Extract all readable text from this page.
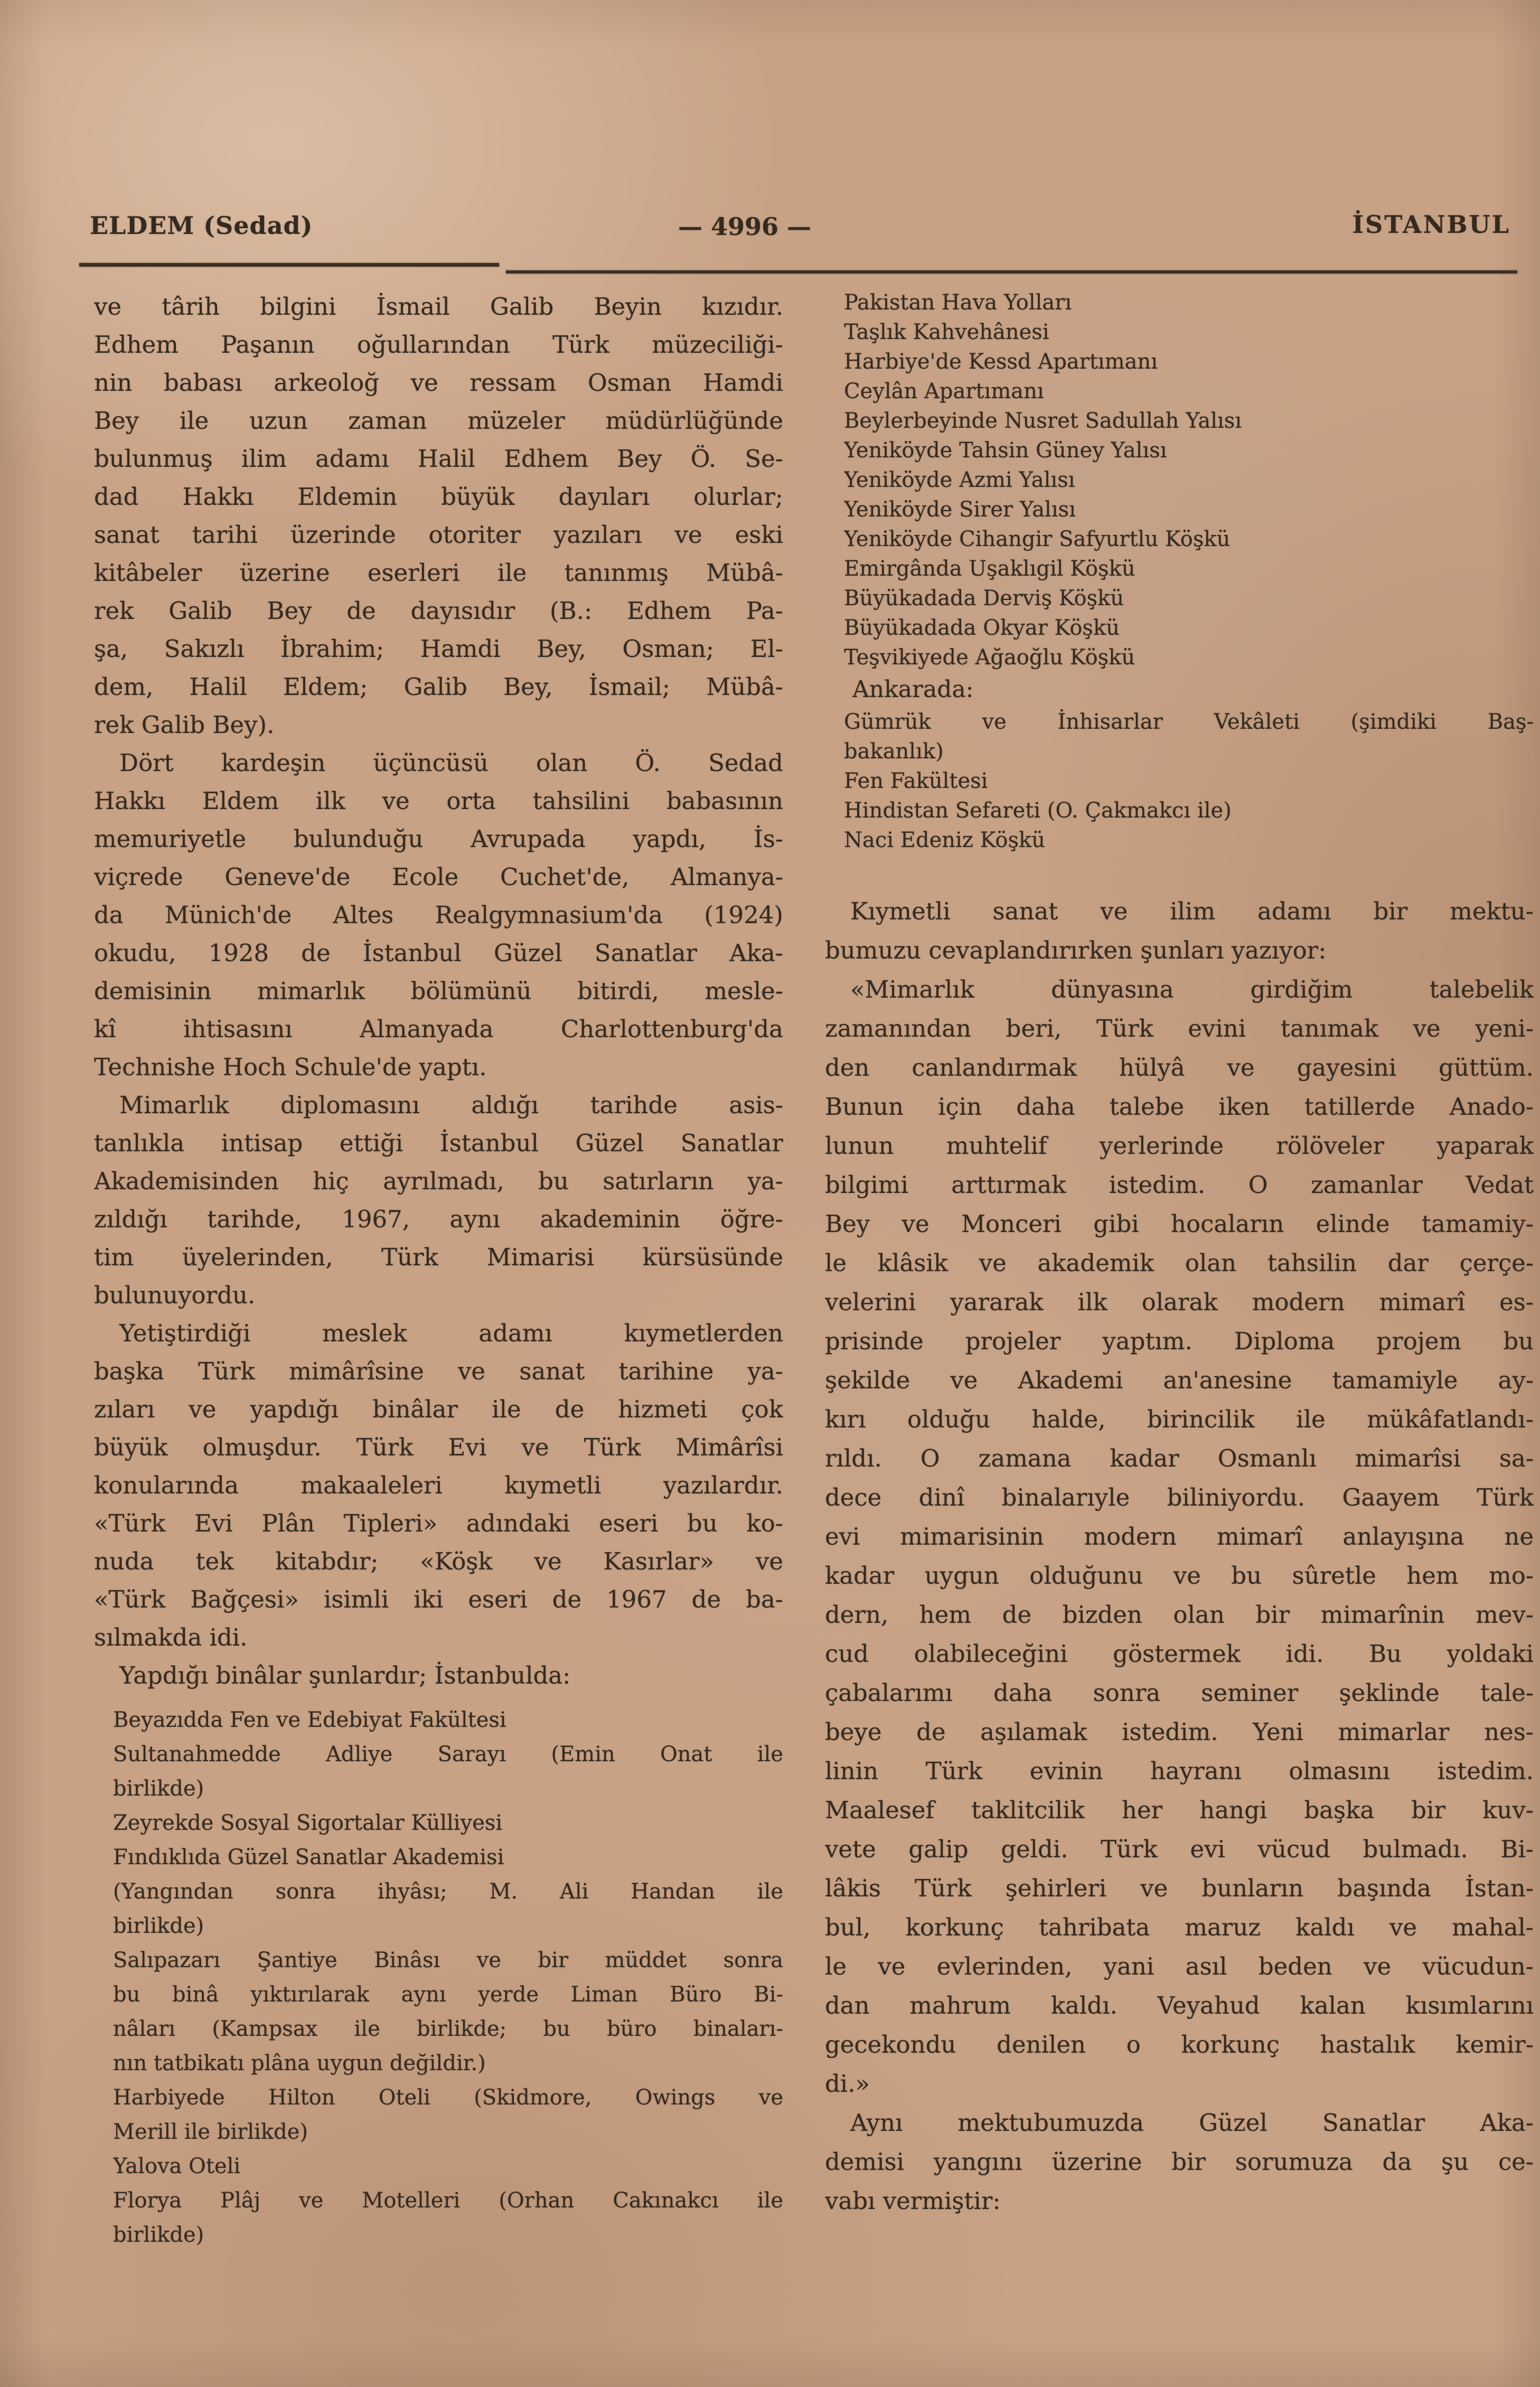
ELDEM (Sedad)	— 4996 —	İSTANBUL
ve târih bilgini İsmail Galib Beyin kızıdır.
Edhem Paşanın oğullarından Türk müzeciliği-
nin babası arkeoloğ ve ressam Osman Hamdi
Bey ile uzun zaman müzeler müdürlüğünde
bulunmuş ilim adamı Halil Edhem Bey Ö. Se-
dad Hakkı Eldemin büyük dayıları olurlar;
sanat tarihi üzerinde otoriter yazıları ve eski
kitâbeler üzerine eserleri ile tanınmış Mübâ-
rek Galib Bey de dayısıdır (B.: Edhem Pa-
şa, Sakızlı İbrahim; Hamdi Bey, Osman; El-
dem, Halil Eldem; Galib Bey, İsmail; Mübâ-
rek Galib Bey).
Dört kardeşin üçüncüsü olan Ö. Sedad
Hakkı Eldem ilk ve orta tahsilini babasının
memuriyetle bulunduğu Avrupada yapdı, İs-
viçrede Geneve'de Ecole Cuchet'de, Almanya-
da Münich'de Altes Realgymnasium'da (1924)
okudu, 1928 de İstanbul Güzel Sanatlar Aka-
demisinin mimarlık bölümünü bitirdi, mesle-
kî ihtisasını Almanyada Charlottenburg'da
Technishe Hoch Schule'de yaptı.
Mimarlık diplomasını aldığı tarihde asis-
tanlıkla intisap ettiği İstanbul Güzel Sanatlar
Akademisinden hiç ayrılmadı, bu satırların ya-
zıldığı tarihde, 1967, aynı akademinin öğre-
tim üyelerinden, Türk Mimarisi kürsüsünde
bulunuyordu.
Yetiştirdiği meslek adamı kıymetlerden
başka Türk mimârîsine ve sanat tarihine ya-
zıları ve yapdığı binâlar ile de hizmeti çok
büyük olmuşdur. Türk Evi ve Türk Mimârîsi
konularında makaaleleri kıymetli yazılardır.
«Türk Evi Plân Tipleri» adındaki eseri bu ko-
nuda tek kitabdır; «Köşk ve Kasırlar» ve
«Türk Bağçesi» isimli iki eseri de 1967 de ba-
sılmakda idi.
Yapdığı binâlar şunlardır; İstanbulda:
Beyazıdda Fen ve Edebiyat Fakültesi
Sultanahmedde Adliye Sarayı (Emin Onat ile
birlikde)
Zeyrekde Sosyal Sigortalar Külliyesi
Fındıklıda Güzel Sanatlar Akademisi
(Yangından sonra ihyâsı; M. Ali Handan ile
birlikde)
Salıpazarı Şantiye Binâsı ve bir müddet sonra
bu binâ yıktırılarak aynı yerde Liman Büro Bi-
nâları (Kampsax ile birlikde; bu büro binaları-
nın tatbikatı plâna uygun değildir.)
Harbiyede Hilton Oteli (Skidmore, Owings ve
Merill ile birlikde)
Yalova Oteli
Florya Plâj ve Motelleri (Orhan Cakınakcı ile
birlikde)
Pakistan Hava Yolları
Taşlık Kahvehânesi
Harbiye'de Kessd Apartımanı
Ceylân Apartımanı
Beylerbeyinde Nusret Sadullah Yalısı
Yeniköyde Tahsin Güney Yalısı
Yeniköyde Azmi Yalısı
Yeniköyde Sirer Yalısı
Yeniköyde Cihangir Safyurtlu Köşkü
Emirgânda Uşaklıgil Köşkü
Büyükadada Derviş Köşkü
Büyükadada Okyar Köşkü
Teşvikiyede Ağaoğlu Köşkü
Ankarada:
Gümrük ve İnhisarlar Vekâleti (şimdiki Baş-
bakanlık)
Fen Fakültesi
Hindistan Sefareti (O. Çakmakcı ile)
Naci Edeniz Köşkü
Kıymetli sanat ve ilim adamı bir mektu-
bumuzu cevaplandırırken şunları yazıyor:
«Mimarlık dünyasına girdiğim talebelik
zamanından beri, Türk evini tanımak ve yeni-
den canlandırmak hülyâ ve gayesini güttüm.
Bunun için daha talebe iken tatillerde Anado-
lunun muhtelif yerlerinde rölöveler yaparak
bilgimi arttırmak istedim. O zamanlar Vedat
Bey ve Monceri gibi hocaların elinde tamamiy-
le klâsik ve akademik olan tahsilin dar çerçe-
velerini yararak ilk olarak modern mimarî es-
prisinde projeler yaptım. Diploma projem bu
şekilde ve Akademi an'anesine tamamiyle ay-
kırı olduğu halde, birincilik ile mükâfatlandı-
rıldı. O zamana kadar Osmanlı mimarîsi sa-
dece dinî binalarıyle biliniyordu. Gaayem Türk
evi mimarisinin modern mimarî anlayışına ne
kadar uygun olduğunu ve bu sûretle hem mo-
dern, hem de bizden olan bir mimarînin mev-
cud olabileceğini göstermek idi. Bu yoldaki
çabalarımı daha sonra seminer şeklinde tale-
beye de aşılamak istedim. Yeni mimarlar nes-
linin Türk evinin hayranı olmasını istedim.
Maalesef taklitcilik her hangi başka bir kuv-
vete galip geldi. Türk evi vücud bulmadı. Bi-
lâkis Türk şehirleri ve bunların başında İstan-
bul, korkunç tahribata maruz kaldı ve mahal-
le ve evlerinden, yani asıl beden ve vücudun-
dan mahrum kaldı. Veyahud kalan kısımlarını
gecekondu denilen o korkunç hastalık kemir-
di.»
Aynı mektubumuzda Güzel Sanatlar Aka-
demisi yangını üzerine bir sorumuza da şu ce-
vabı vermiştir:
